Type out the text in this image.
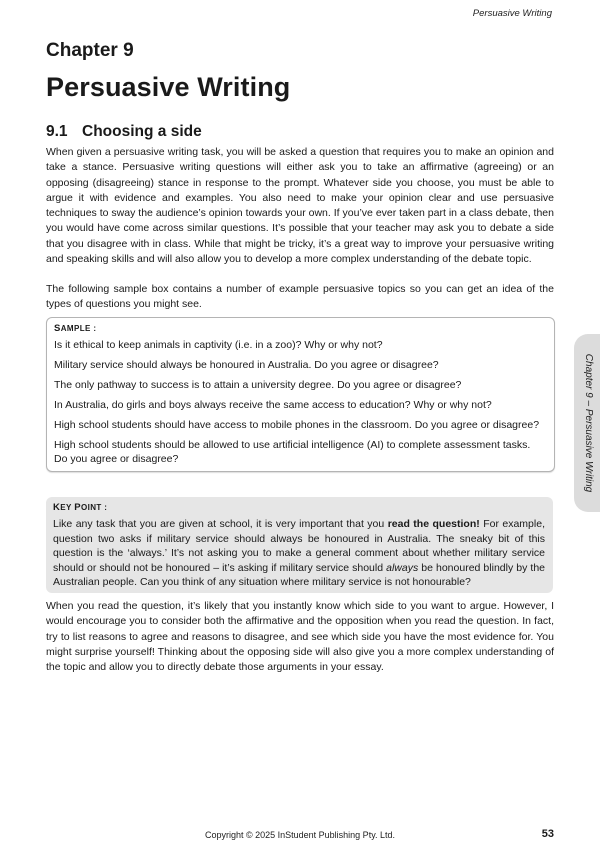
Persuasive Writing
Chapter 9
Persuasive Writing
9.1 Choosing a side

When given a persuasive writing task, you will be asked a question that requires you to make an opinion and take a stance. Persuasive writing questions will either ask you to take an affirmative (agreeing) or an opposing (disagreeing) stance in response to the prompt. Whatever side you choose, you must be able to argue it with evidence and examples. You also need to make your opinion clear and use persuasive techniques to sway the audience’s opinion towards your own. If you’ve ever taken part in a class debate, then you would have come across similar questions. It’s possible that your teacher may ask you to debate a side that you disagree with in class. While that might be tricky, it’s a great way to improve your persuasive writing and speaking skills and will also allow you to develop a more complex understanding of the debate topic.

The following sample box contains a number of example persuasive topics so you can get an idea of the types of questions you might see.

SAMPLE :

Is it ethical to keep animals in captivity (i.e. in a zoo)? Why or why not?

Military service should always be honoured in Australia. Do you agree or disagree?

The only pathway to success is to attain a university degree. Do you agree or disagree?

In Australia, do girls and boys always receive the same access to education? Why or why not?

High school students should have access to mobile phones in the classroom. Do you agree or disagree?

High school students should be allowed to use artificial intelligence (AI) to complete assessment tasks. Do you agree or disagree?

KEY POINT :

Like any task that you are given at school, it is very important that you read the question! For example, question two asks if military service should always be honoured in Australia. The sneaky bit of this question is the ‘always.’ It’s not asking you to make a general comment about whether military service should or should not be honoured – it’s asking if military service should always be honoured blindly by the Australian people. Can you think of any situation where military service is not honourable?

When you read the question, it’s likely that you instantly know which side to you want to argue. However, I would encourage you to consider both the affirmative and the opposition when you read the question. In fact, try to list reasons to agree and reasons to disagree, and see which side you have the most evidence for. You might surprise yourself! Thinking about the opposing side will also give you a more complex understanding of the topic and allow you to directly debate those arguments in your essay.

Chapter 9 – Persuasive Writing
Copyright © 2025 InStudent Publishing Pty. Ltd.	53
